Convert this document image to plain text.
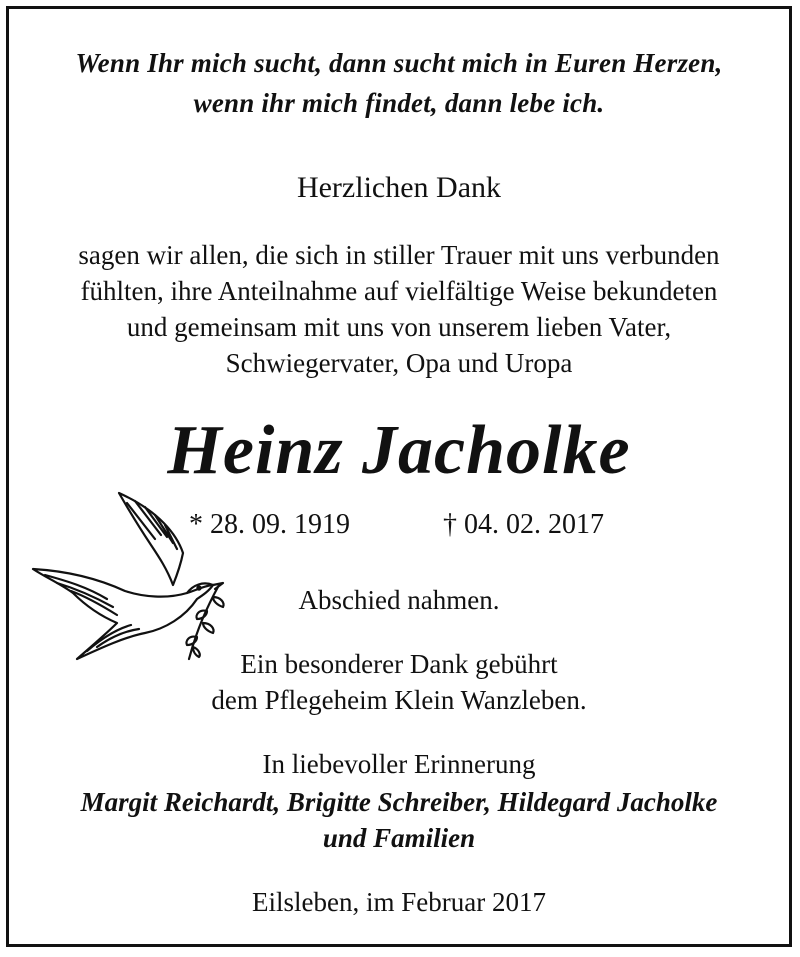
Wenn Ihr mich sucht, dann sucht mich in Euren Herzen,
wenn ihr mich findet, dann lebe ich.
Herzlichen Dank
sagen wir allen, die sich in stiller Trauer mit uns verbunden
fühlten, ihre Anteilnahme auf vielfältige Weise bekundeten
und gemeinsam mit uns von unserem lieben Vater,
Schwiegervater, Opa und Uropa
Heinz Jacholke
* 28. 09. 1919	† 04. 02. 2017
Abschied nahmen.
Ein besonderer Dank gebührt
dem Pflegeheim Klein Wanzleben.
In liebevoller Erinnerung
Margit Reichardt, Brigitte Schreiber, Hildegard Jacholke
und Familien
Eilsleben, im Februar 2017
